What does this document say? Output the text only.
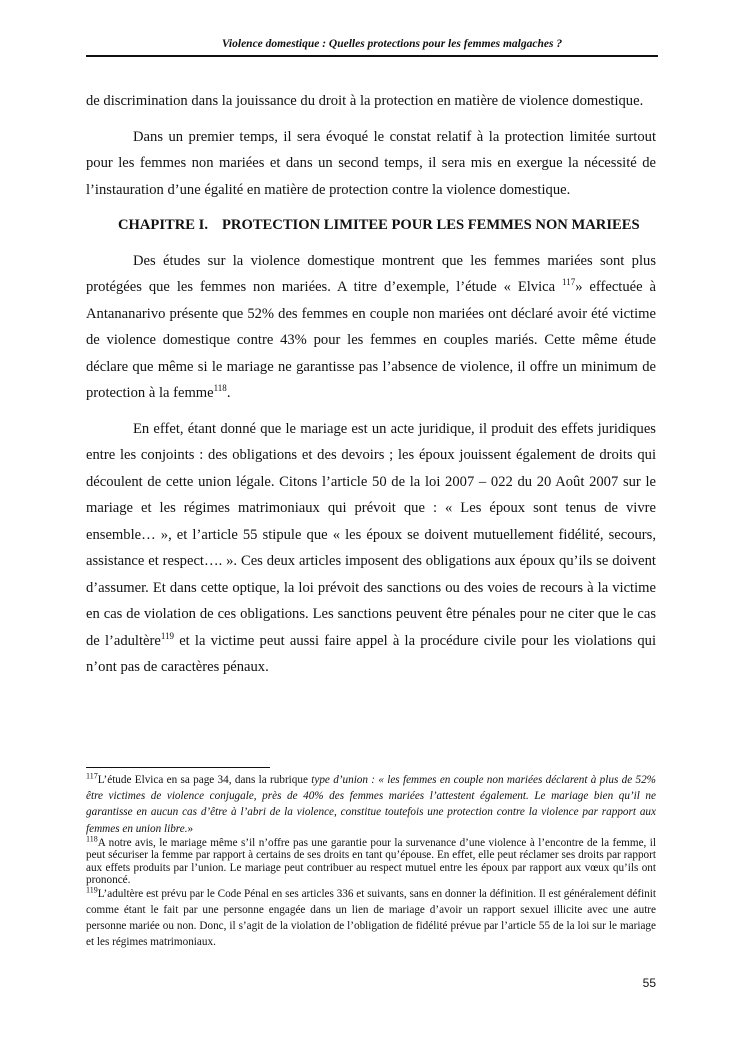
Violence domestique : Quelles protections pour les femmes malgaches ?

de discrimination dans la jouissance du droit à la protection en matière de violence domestique.

Dans un premier temps, il sera évoqué le constat relatif à la protection limitée surtout pour les femmes non mariées et dans un second temps, il sera mis en exergue la nécessité de l’instauration d’une égalité en matière de protection contre la violence domestique.

CHAPITRE I. PROTECTION LIMITEE POUR LES FEMMES NON MARIEES

Des études sur la violence domestique montrent que les femmes mariées sont plus protégées que les femmes non mariées. A titre d’exemple, l’étude « Elvica $^{117}$» effectuée à Antananarivo présente que 52% des femmes en couple non mariées ont déclaré avoir été victime de violence domestique contre 43% pour les femmes en couples mariés. Cette même étude déclare que même si le mariage ne garantisse pas l’absence de violence, il offre un minimum de protection à la femme$^{118}$.

En effet, étant donné que le mariage est un acte juridique, il produit des effets juridiques entre les conjoints : des obligations et des devoirs ; les époux jouissent également de droits qui découlent de cette union légale. Citons l’article 50 de la loi 2007 – 022 du 20 Août 2007 sur le mariage et les régimes matrimoniaux qui prévoit que : « Les époux sont tenus de vivre ensemble… », et l’article 55 stipule que « les époux se doivent mutuellement fidélité, secours, assistance et respect…. ». Ces deux articles imposent des obligations aux époux qu’ils se doivent d’assumer. Et dans cette optique, la loi prévoit des sanctions ou des voies de recours à la victime en cas de violation de ces obligations. Les sanctions peuvent être pénales pour ne citer que le cas de l’adultère$^{119}$ et la victime peut aussi faire appel à la procédure civile pour les violations qui n’ont pas de caractères pénaux.

$^{117}$L’étude Elvica en sa page 34, dans la rubrique type d’union : « les femmes en couple non mariées déclarent à plus de 52% être victimes de violence conjugale, près de 40% des femmes mariées l’attestent également. Le mariage bien qu’il ne garantisse en aucun cas d’être à l’abri de la violence, constitue toutefois une protection contre la violence par rapport aux femmes en union libre.»

$^{118}$A notre avis, le mariage même s’il n’offre pas une garantie pour la survenance d’une violence à l’encontre de la femme, il peut sécuriser la femme par rapport à certains de ses droits en tant qu’épouse. En effet, elle peut réclamer ses droits par rapport aux effets produits par l’union. Le mariage peut contribuer au respect mutuel entre les époux par rapport aux vœux qu’ils ont prononcé.

$^{119}$L’adultère est prévu par le Code Pénal en ses articles 336 et suivants, sans en donner la définition. Il est généralement définit comme étant le fait par une personne engagée dans un lien de mariage d’avoir un rapport sexuel illicite avec une autre personne mariée ou non. Donc, il s’agit de la violation de l’obligation de fidélité prévue par l’article 55 de la loi sur le mariage et les régimes matrimoniaux.

55
